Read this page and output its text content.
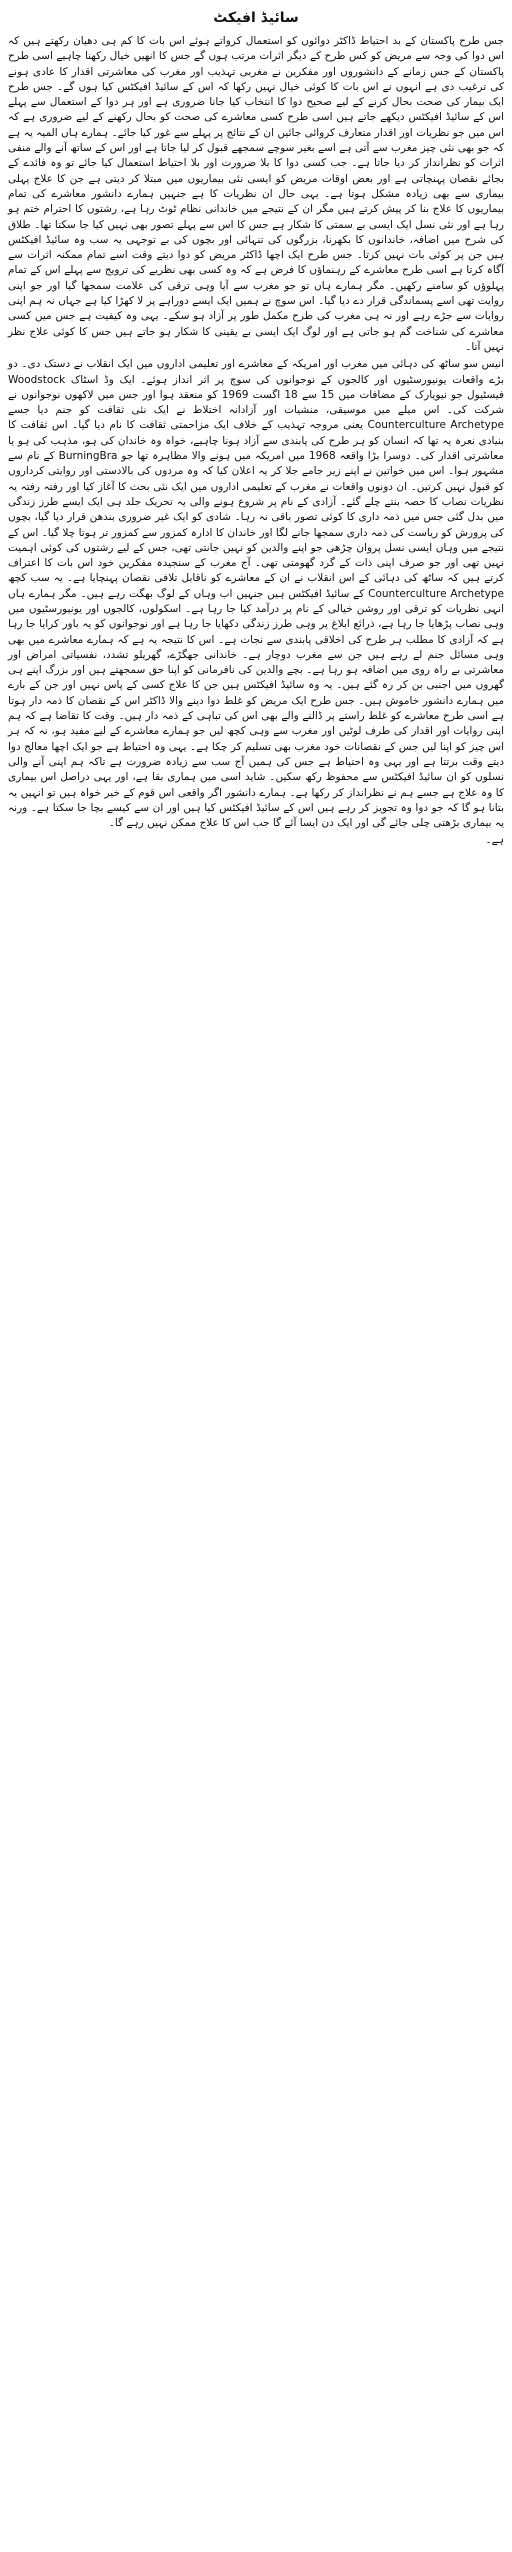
سائیڈ افیکٹ

جس طرح پاکستان کے بد احتیاط ڈاکٹر دوائوں کو استعمال کرواتے ہوئے اس بات کا کم ہی دھیان رکھتے ہیں کہ اس دوا کی وجہ سے مریض کو کس طرح کے دیگر اثرات مرتب ہوں گے جس کا انھیں خیال رکھنا چاہیے اسی طرح پاکستان کے جس زمانے کے دانشوروں اور مفکرین نے مغربی تہذیب اور مغرب کی معاشرتی اقدار کا عادی ہونے کی ترغیب دی ہے انہوں نے اس بات کا کوئی خیال نہیں رکھا کہ اس کے سائیڈ افیکٹس کیا ہوں گے۔ جس طرح ایک بیمار کی صحت بحال کرنے کے لیے صحیح دوا کا انتخاب کیا جانا ضروری ہے اور ہر دوا کے استعمال سے پہلے اس کے سائیڈ افیکٹس دیکھے جاتے ہیں اسی طرح کسی معاشرے کی صحت کو بحال رکھنے کے لیے ضروری ہے کہ اس میں جو نظریات اور اقدار متعارف کروائی جائیں ان کے نتائج پر پہلے سے غور کیا جائے۔ ہمارے ہاں المیہ یہ ہے کہ جو بھی نئی چیز مغرب سے آتی ہے اسے بغیر سوچے سمجھے قبول کر لیا جاتا ہے اور اس کے ساتھ آنے والے منفی اثرات کو نظرانداز کر دیا جاتا ہے۔ جب کسی دوا کا بلا ضرورت اور بلا احتیاط استعمال کیا جائے تو وہ فائدے کے بجائے نقصان پہنچاتی ہے اور بعض اوقات مریض کو ایسی نئی بیماریوں میں مبتلا کر دیتی ہے جن کا علاج پہلی بیماری سے بھی زیادہ مشکل ہوتا ہے۔ یہی حال ان نظریات کا ہے جنہیں ہمارے دانشور معاشرے کی تمام بیماریوں کا علاج بنا کر پیش کرتے ہیں مگر ان کے نتیجے میں خاندانی نظام ٹوٹ رہا ہے، رشتوں کا احترام ختم ہو رہا ہے اور نئی نسل ایک ایسی بے سمتی کا شکار ہے جس کا اس سے پہلے تصور بھی نہیں کیا جا سکتا تھا۔ طلاق کی شرح میں اضافہ، خاندانوں کا بکھرنا، بزرگوں کی تنہائی اور بچوں کی بے توجہی یہ سب وہ سائیڈ افیکٹس ہیں جن پر کوئی بات نہیں کرتا۔ جس طرح ایک اچھا ڈاکٹر مریض کو دوا دیتے وقت اسے تمام ممکنہ اثرات سے آگاہ کرتا ہے اسی طرح معاشرے کے رہنماؤں کا فرض ہے کہ وہ کسی بھی نظریے کی ترویج سے پہلے اس کے تمام پہلوؤں کو سامنے رکھیں۔ مگر ہمارے ہاں تو جو مغرب سے آیا وہی ترقی کی علامت سمجھا گیا اور جو اپنی روایت تھی اسے پسماندگی قرار دے دیا گیا۔ اس سوچ نے ہمیں ایک ایسے دوراہے پر لا کھڑا کیا ہے جہاں نہ ہم اپنی روایات سے جڑے رہے اور نہ ہی مغرب کی طرح مکمل طور پر آزاد ہو سکے۔ یہی وہ کیفیت ہے جس میں کسی معاشرے کی شناخت گم ہو جاتی ہے اور لوگ ایک ایسی بے یقینی کا شکار ہو جاتے ہیں جس کا کوئی علاج نظر نہیں آتا۔

انیس سو ساٹھ کی دہائی میں مغرب اور امریکہ کے معاشرے اور تعلیمی اداروں میں ایک انقلاب نے دستک دی۔ دو بڑے واقعات یونیورسٹیوں اور کالجوں کے نوجوانوں کی سوچ پر اثر انداز ہوئے۔ ایک وڈ اسٹاک Woodstock فیسٹیول جو نیویارک کے مضافات میں 15 سے 18 اگست 1969 کو منعقد ہوا اور جس میں لاکھوں نوجوانوں نے شرکت کی۔ اس میلے میں موسیقی، منشیات اور آزادانہ اختلاط نے ایک نئی ثقافت کو جنم دیا جسے Counterculture Archetype یعنی مروجہ تہذیب کے خلاف ایک مزاحمتی ثقافت کا نام دیا گیا۔ اس ثقافت کا بنیادی نعرہ یہ تھا کہ انسان کو ہر طرح کی پابندی سے آزاد ہونا چاہیے، خواہ وہ خاندان کی ہو، مذہب کی ہو یا معاشرتی اقدار کی۔ دوسرا بڑا واقعہ 1968 میں امریکہ میں ہونے والا مظاہرہ تھا جو BurningBra کے نام سے مشہور ہوا۔ اس میں خواتین نے اپنے زیر جامے جلا کر یہ اعلان کیا کہ وہ مردوں کی بالادستی اور روایتی کرداروں کو قبول نہیں کرتیں۔ ان دونوں واقعات نے مغرب کے تعلیمی اداروں میں ایک نئی بحث کا آغاز کیا اور رفتہ رفتہ یہ نظریات نصاب کا حصہ بنتے چلے گئے۔ آزادی کے نام پر شروع ہونے والی یہ تحریک جلد ہی ایک ایسے طرز زندگی میں بدل گئی جس میں ذمہ داری کا کوئی تصور باقی نہ رہا۔ شادی کو ایک غیر ضروری بندھن قرار دیا گیا، بچوں کی پرورش کو ریاست کی ذمہ داری سمجھا جانے لگا اور خاندان کا ادارہ کمزور سے کمزور تر ہوتا چلا گیا۔ اس کے نتیجے میں وہاں ایسی نسل پروان چڑھی جو اپنے والدین کو نہیں جانتی تھی، جس کے لیے رشتوں کی کوئی اہمیت نہیں تھی اور جو صرف اپنی ذات کے گرد گھومتی تھی۔ آج مغرب کے سنجیدہ مفکرین خود اس بات کا اعتراف کرتے ہیں کہ ساٹھ کی دہائی کے اس انقلاب نے ان کے معاشرے کو ناقابل تلافی نقصان پہنچایا ہے۔ یہ سب کچھ Counterculture Archetype کے سائیڈ افیکٹس ہیں جنہیں اب وہاں کے لوگ بھگت رہے ہیں۔ مگر ہمارے ہاں انہی نظریات کو ترقی اور روشن خیالی کے نام پر درآمد کیا جا رہا ہے۔ اسکولوں، کالجوں اور یونیورسٹیوں میں وہی نصاب پڑھایا جا رہا ہے، ذرائع ابلاغ پر وہی طرز زندگی دکھایا جا رہا ہے اور نوجوانوں کو یہ باور کرایا جا رہا ہے کہ آزادی کا مطلب ہر طرح کی اخلاقی پابندی سے نجات ہے۔ اس کا نتیجہ یہ ہے کہ ہمارے معاشرے میں بھی وہی مسائل جنم لے رہے ہیں جن سے مغرب دوچار ہے۔ خاندانی جھگڑے، گھریلو تشدد، نفسیاتی امراض اور معاشرتی بے راہ روی میں اضافہ ہو رہا ہے۔ بچے والدین کی نافرمانی کو اپنا حق سمجھتے ہیں اور بزرگ اپنے ہی گھروں میں اجنبی بن کر رہ گئے ہیں۔ یہ وہ سائیڈ افیکٹس ہیں جن کا علاج کسی کے پاس نہیں اور جن کے بارے میں ہمارے دانشور خاموش ہیں۔ جس طرح ایک مریض کو غلط دوا دینے والا ڈاکٹر اس کے نقصان کا ذمہ دار ہوتا ہے اسی طرح معاشرے کو غلط راستے پر ڈالنے والے بھی اس کی تباہی کے ذمہ دار ہیں۔ وقت کا تقاضا ہے کہ ہم اپنی روایات اور اقدار کی طرف لوٹیں اور مغرب سے وہی کچھ لیں جو ہمارے معاشرے کے لیے مفید ہو، نہ کہ ہر اس چیز کو اپنا لیں جس کے نقصانات خود مغرب بھی تسلیم کر چکا ہے۔ یہی وہ احتیاط ہے جو ایک اچھا معالج دوا دیتے وقت برتتا ہے اور یہی وہ احتیاط ہے جس کی ہمیں آج سب سے زیادہ ضرورت ہے تاکہ ہم اپنی آنے والی نسلوں کو ان سائیڈ افیکٹس سے محفوظ رکھ سکیں۔ شاید اسی میں ہماری بقا ہے، اور یہی دراصل اس بیماری کا وہ علاج ہے جسے ہم نے نظرانداز کر رکھا ہے۔ ہمارے دانشور اگر واقعی اس قوم کے خیر خواہ ہیں تو انہیں یہ بتانا ہو گا کہ جو دوا وہ تجویز کر رہے ہیں اس کے سائیڈ افیکٹس کیا ہیں اور ان سے کیسے بچا جا سکتا ہے۔ ورنہ یہ بیماری بڑھتی چلی جائے گی اور ایک دن ایسا آئے گا جب اس کا علاج ممکن نہیں رہے گا۔

ہے۔
